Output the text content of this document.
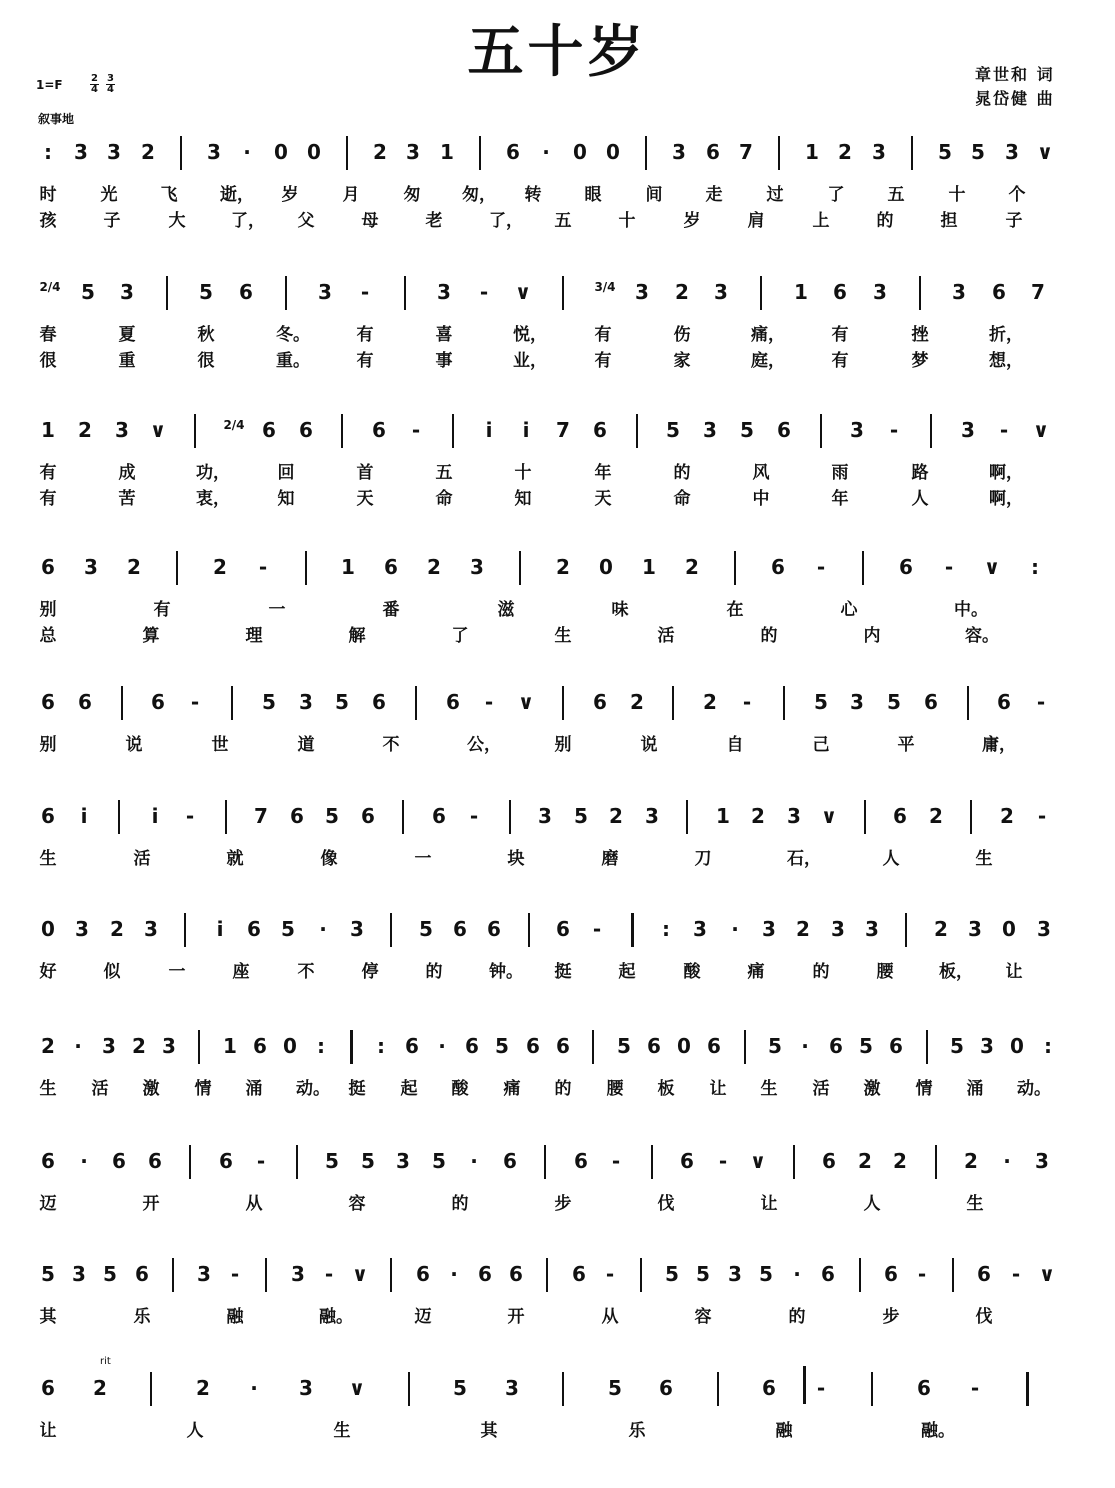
五十岁	章世和 词
晁岱健 曲
1=F	$\frac{2}{4} \frac{3}{4}$
叙事地
rit
:	3 3 2	3	·	0 0	2 3 1	6	·	0 0	3 6 7	1 2 3	5 5 3 ∨
时	光	飞	逝， 岁	月	匆 匆， 转	眼	间	走	过	了	五	十	个
孩	子	大	了， 父	母	老	了， 五	十	岁	肩	上	的	担	子
2/4 5 3	5 6	3 -	3 - ∨	3/4 3 2 3	1 6 3	3 6 7
春	夏	秋	冬。	有	喜	悦，	有	伤	痛，	有	挫	折，
很	重	很	重。	有	事	业，	有	家	庭，	有	梦	想，
1 2 3 ∨	2/4 6 6	6 -	i	i	7 6	5 3 5 6	3 -	3 - ∨
有	成	功，	回	首	五	十	年	的	风	雨	路	啊，
有	苦	衷，	知	天	命	知	天	命	中	年	人	啊，
6 3 2	2 -	1 6 2 3	2 0 1 2	6 -	6 - ∨	:
别	有	一	番	滋	味	在	心	中。
总	算	理	解	了	生	活	的	内	容。
6 6	6 -	5 3 5 6	6 - ∨	6 2	2 -	5 3 5 6	6 -
别	说	世	道	不	公，	别	说	自	己	平	庸，
6	i	i	-	7 6 5 6	6 -	3 5 2 3	1 2 3 ∨	6 2	2 -
生	活	就	像	一	块	磨	刀	石，	人	生
0 3 2 3	i	6 5	·	3	5 6 6	6 -	:	3	·	3 2 3 3	2 3 0 3
好	似	一	座	不	停	的	钟。 挺	起	酸	痛	的	腰	板， 让
2 ·	3 2 3 1 6 0	:	:	6 · 6 5 6 6 5 6 0 6 5 ·	6 5 6 5 3 0	:
生 活 激 情 涌 动。 挺 起 酸 痛 的 腰 板 让 生 活 激 情 涌 动。
6	·	6 6	6 -	5 5 3 5	·	6	6 -	6 - ∨	6 2 2	2	·	3
迈	开	从	容	的	步	伐	让	人	生
5 3 5 6 3 -	3 - ∨ 6	·	6 6 6 -	5 5 3 5	·	6 6 -	6 - ∨
其	乐	融	融。	迈	开	从	容	的	步	伐
6 2	2	·	3 ∨	5 3	5 6	6 -	6 -
让	人	生	其	乐	融	融。
